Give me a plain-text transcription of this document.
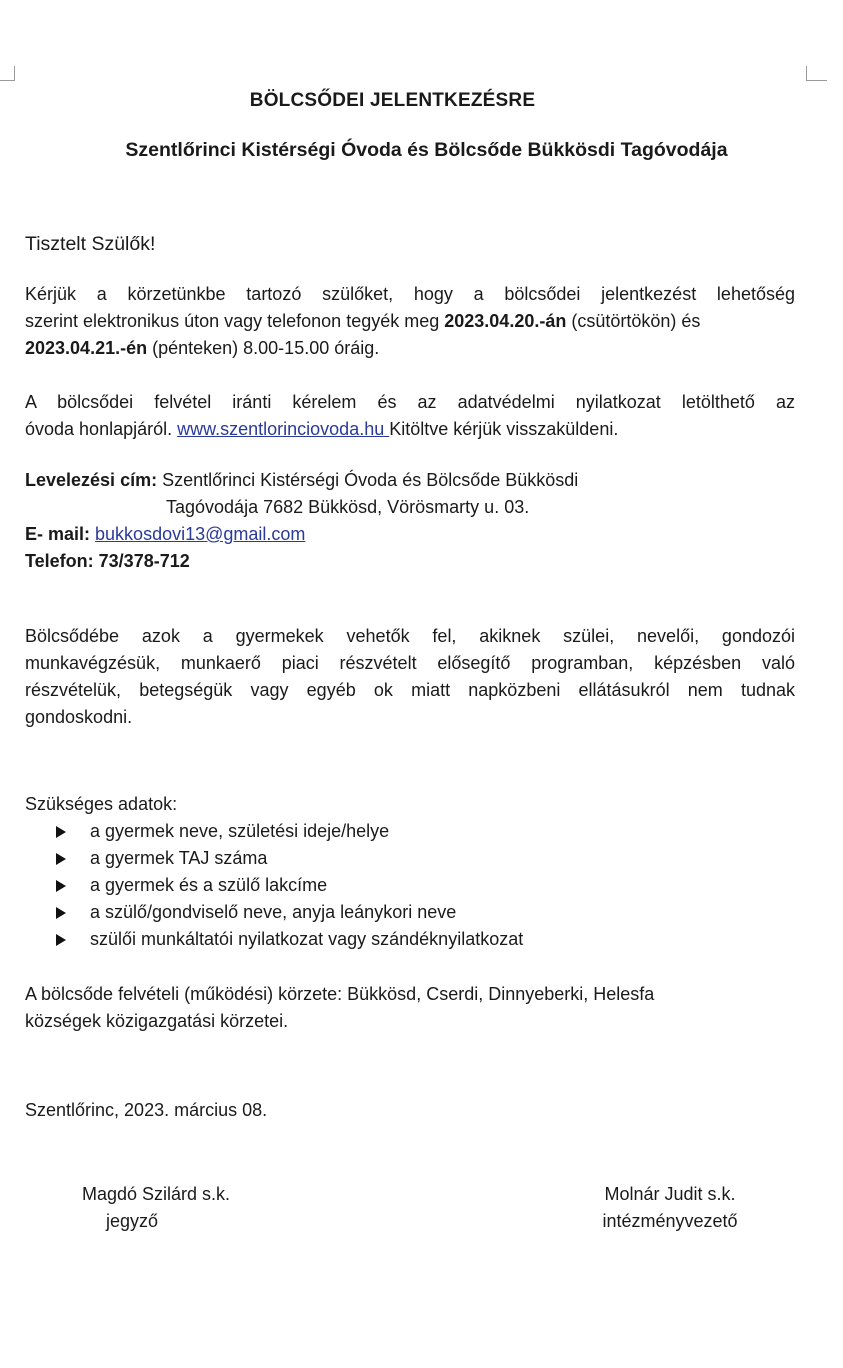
BÖLCSŐDEI JELENTKEZÉSRE
Szentlőrinci Kistérségi Óvoda és Bölcsőde Bükkösdi Tagóvodája
Tisztelt Szülők!
Kérjük a körzetünkbe tartozó szülőket, hogy a bölcsődei jelentkezést lehetőség
szerint elektronikus úton vagy telefonon tegyék meg 2023.04.20.-án (csütörtökön) és
2023.04.21.-én (pénteken) 8.00-15.00 óráig.
A bölcsődei felvétel iránti kérelem és az adatvédelmi nyilatkozat letölthető az
óvoda honlapjáról. www.szentlorinciovoda.hu Kitöltve kérjük visszaküldeni.
Levelezési cím: Szentlőrinci Kistérségi Óvoda és Bölcsőde Bükkösdi
Tagóvodája 7682 Bükkösd, Vörösmarty u. 03.
E- mail: bukkosdovi13@gmail.com
Telefon: 73/378-712
Bölcsődébe azok a gyermekek vehetők fel, akiknek szülei, nevelői, gondozói
munkavégzésük, munkaerő piaci részvételt elősegítő programban, képzésben való
részvételük, betegségük vagy egyéb ok miatt napközbeni ellátásukról nem tudnak
gondoskodni.
Szükséges adatok:
a gyermek neve, születési ideje/helye
a gyermek TAJ száma
a gyermek és a szülő lakcíme
a szülő/gondviselő neve, anyja leánykori neve
szülői munkáltatói nyilatkozat vagy szándéknyilatkozat
A bölcsőde felvételi (működési) körzete: Bükkösd, Cserdi, Dinnyeberki, Helesfa
községek közigazgatási körzetei.
Szentlőrinc, 2023. március 08.
Magdó Szilárd s.k.
jegyző
Molnár Judit s.k.
intézményvezető
